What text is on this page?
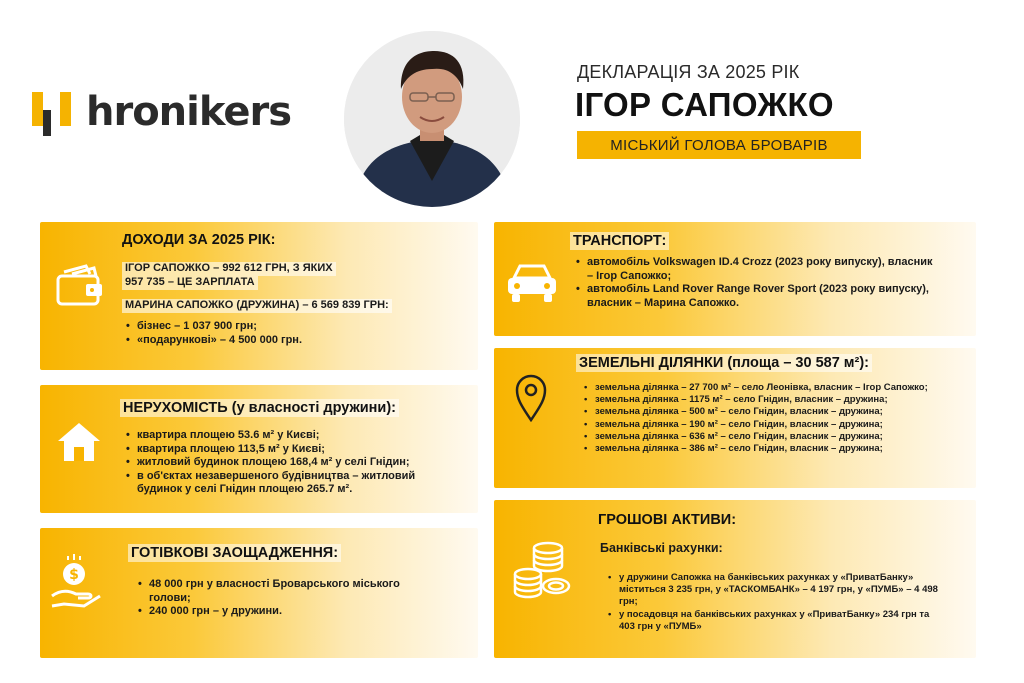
hronikers
ДЕКЛАРАЦІЯ ЗА 2025 РІК
ІГОР САПОЖКО
МІСЬКИЙ ГОЛОВА БРОВАРІВ
ДОХОДИ ЗА 2025 РІК:
ІГОР САПОЖКО – 992 612 ГРН, З ЯКИХ
957 735 – ЦЕ ЗАРПЛАТА
МАРИНА САПОЖКО (ДРУЖИНА) – 6 569 839 ГРН:
• бізнес – 1 037 900 грн;
• «подарункові» – 4 500 000 грн.
НЕРУХОМІСТЬ (у власності дружини):
• квартира площею 53.6 м² у Києві;
• квартира площею 113,5 м² у Києві;
• житловий будинок площею 168,4 м² у селі Гнідин;
• в об'єктах незавершеного будівництва – житловий будинок у селі Гнідин площею 265.7 м².
ГОТІВКОВІ ЗАОЩАДЖЕННЯ:
$
• 48 000 грн у власності Броварського міського голови;
• 240 000 грн – у дружини.
ТРАНСПОРТ:
• автомобіль Volkswagen ID.4 Crozz (2023 року випуску), власник – Ігор Сапожко;
• автомобіль Land Rover Range Rover Sport (2023 року випуску), власник – Марина Сапожко.
ЗЕМЕЛЬНІ ДІЛЯНКИ (площа – 30 587 м²):
• земельна ділянка – 27 700 м² – село Леонівка, власник – Ігор Сапожко;
• земельна ділянка – 1175 м² – село Гнідин, власник – дружина;
• земельна ділянка – 500 м² – село Гнідин, власник – дружина;
• земельна ділянка – 190 м² – село Гнідин, власник – дружина;
• земельна ділянка – 636 м² – село Гнідин, власник – дружина;
• земельна ділянка – 386 м² – село Гнідин, власник – дружина;
ГРОШОВІ АКТИВИ:
Банківські рахунки:
• у дружини Сапожка на банківських рахунках у «ПриватБанку» міститься 3 235 грн, у «ТАСКОМБАНК» – 4 197 грн, у «ПУМБ» – 4 498 грн;
• у посадовця на банківських рахунках у «ПриватБанку» 234 грн та 403 грн у «ПУМБ»
